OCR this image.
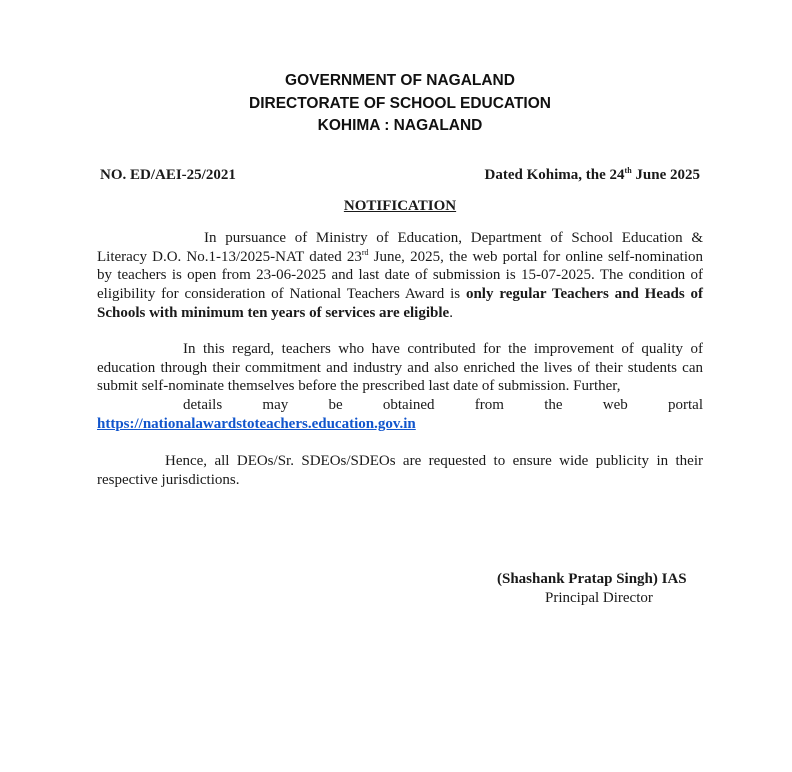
GOVERNMENT OF NAGALAND
DIRECTORATE OF SCHOOL EDUCATION
KOHIMA : NAGALAND
NO. ED/AEI-25/2021	Dated Kohima, the 24th June 2025
NOTIFICATION
In pursuance of Ministry of Education, Department of School Education & Literacy D.O. No.1-13/2025-NAT dated 23rd June, 2025, the web portal for online self-nomination by teachers is open from 23-06-2025 and last date of submission is 15-07-2025. The condition of eligibility for consideration of National Teachers Award is only regular Teachers and Heads of Schools with minimum ten years of services are eligible.
In this regard, teachers who have contributed for the improvement of quality of education through their commitment and industry and also enriched the lives of their students can submit self-nominate themselves before the prescribed last date of submission. Further,
details may be obtained from the web portal
https://nationalawardstoteachers.education.gov.in
Hence, all DEOs/Sr. SDEOs/SDEOs are requested to ensure wide publicity in their respective jurisdictions.
(Shashank Pratap Singh) IAS
Principal Director
